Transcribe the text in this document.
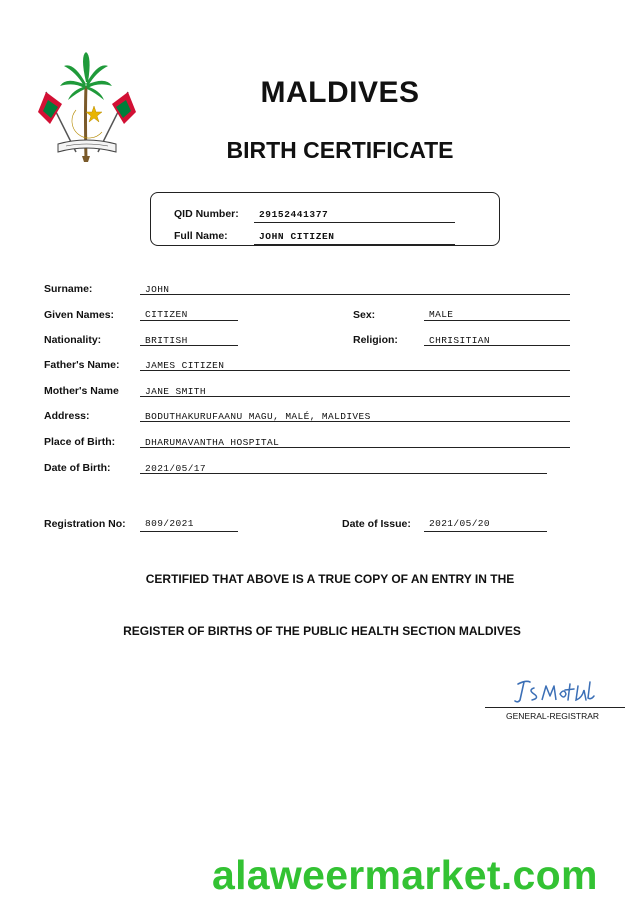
MALDIVES
BIRTH CERTIFICATE
QID Number: 29152441377
Full Name:	JOHN CITIZEN
Surname:	JOHN
Given Names:	CITIZEN	Sex:	MALE
Nationality:	BRITISH	Religion:	CHRISITIAN
Father's Name:	JAMES CITIZEN
Mother's Name	JANE SMITH
Address:	BODUTHAKURUFAANU MAGU, MALÉ, MALDIVES
Place of Birth:	DHARUMAVANTHA HOSPITAL
Date of Birth:	2021/05/17
Registration No: 809/2021	Date of Issue: 2021/05/20
CERTIFIED THAT ABOVE IS A TRUE COPY OF AN ENTRY IN THE
REGISTER OF BIRTHS OF THE PUBLIC HEALTH SECTION MALDIVES
GENERAL-REGISTRAR
alaweermarket.com
